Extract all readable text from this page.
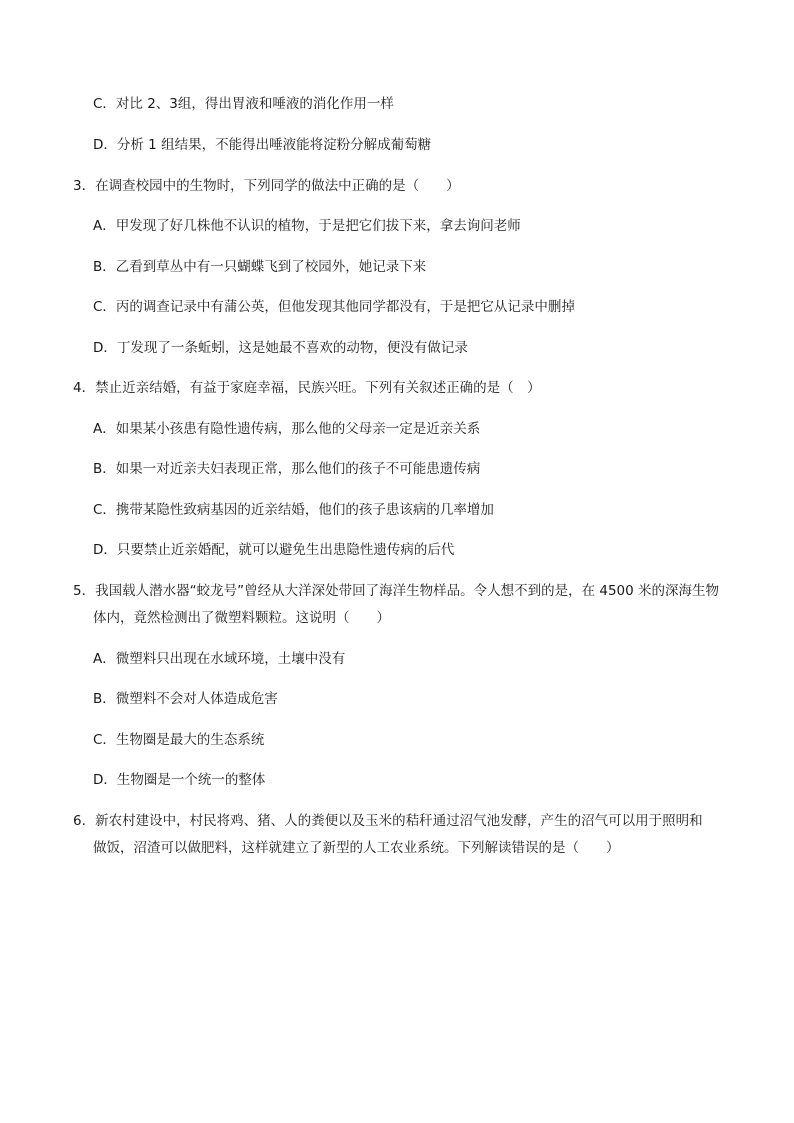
C．对比 2、3组，得出胃液和唾液的消化作用一样
D．分析 1 组结果，不能得出唾液能将淀粉分解成葡萄糖
3．在调查校园中的生物时，下列同学的做法中正确的是（　　）
A．甲发现了好几株他不认识的植物，于是把它们拔下来，拿去询问老师
B．乙看到草丛中有一只蝴蝶飞到了校园外，她记录下来
C．丙的调查记录中有蒲公英，但他发现其他同学都没有，于是把它从记录中删掉
D．丁发现了一条蚯蚓，这是她最不喜欢的动物，便没有做记录
4．禁止近亲结婚，有益于家庭幸福，民族兴旺。下列有关叙述正确的是（　）
A．如果某小孩患有隐性遗传病，那么他的父母亲一定是近亲关系
B．如果一对近亲夫妇表现正常，那么他们的孩子不可能患遗传病
C．携带某隐性致病基因的近亲结婚，他们的孩子患该病的几率增加
D．只要禁止近亲婚配，就可以避免生出患隐性遗传病的后代
5．我国载人潜水器“蛟龙号”曾经从大洋深处带回了海洋生物样品。令人想不到的是，在 4500 米的深海生物
体内，竟然检测出了微塑料颗粒。这说明（　　）
A．微塑料只出现在水域环境，土壤中没有
B．微塑料不会对人体造成危害
C．生物圈是最大的生态系统
D．生物圈是一个统一的整体
6．新农村建设中，村民将鸡、猪、人的粪便以及玉米的秸秆通过沼气池发酵，产生的沼气可以用于照明和
做饭，沼渣可以做肥料，这样就建立了新型的人工农业系统。下列解读错误的是（　　）
